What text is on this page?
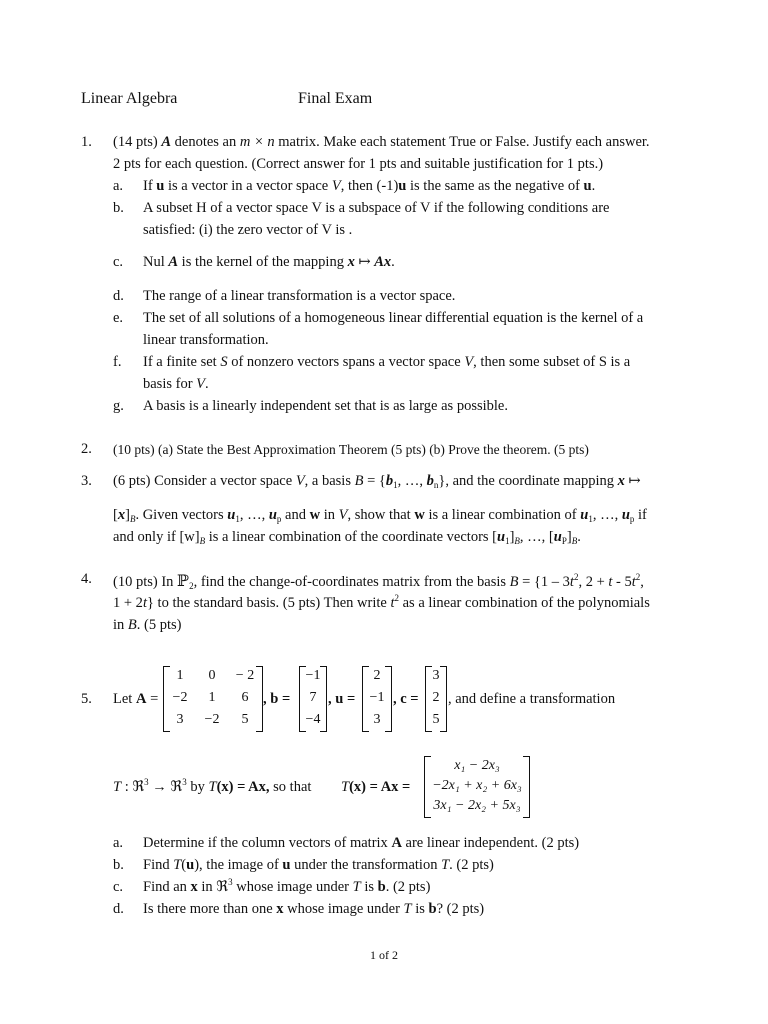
Linear Algebra	Final Exam
1. (14 pts) A denotes an m × n matrix. Make each statement True or False. Justify each answer.
2 pts for each question. (Correct answer for 1 pts and suitable justification for 1 pts.)
a. If u is a vector in a vector space V, then (-1)u is the same as the negative of u.
b. A subset H of a vector space V is a subspace of V if the following conditions are
satisfied: (i) the zero vector of V is .
c. Nul A is the kernel of the mapping x ↦ Ax.
d. The range of a linear transformation is a vector space.
e. The set of all solutions of a homogeneous linear differential equation is the kernel of a
linear transformation.
f. If a finite set S of nonzero vectors spans a vector space V, then some subset of S is a
basis for V.
g. A basis is a linearly independent set that is as large as possible.
2. (10 pts) (a) State the Best Approximation Theorem (5 pts) (b) Prove the theorem. (5 pts)
3. (6 pts) Consider a vector space V, a basis $B = \{b_1$, …, $b_n$}, and the coordinate mapping x ↦
$[x]_B$. Given vectors $u_1$, …, $u_p$ and w in V, show that w is a linear combination of $u_1$, …, $u_p$ if
and only if $[w]_B$ is a linear combination of the coordinate vectors $[u_1]_B$, …, $[u_P]_B$.
4. (10 pts) In ℙ$_2$, find the change-of-coordinates matrix from the basis $B = \{1 - 3t^2$, $2 + t - 5t^2$,
1 + 2t} to the standard basis. (5 pts) Then write $t^2$ as a linear combination of the polynomials
in B. (5 pts)
5. Let A =
1	0	− 2
−2	1	6
3	−2	5
, b =
−1
7
−4
, u =
2
−1
3
, c =
3
2
5
, and define a transformation
T : ℜ$^3$ → ℜ$^3$ by T(x) = Ax, so that T(x) = Ax =
x₁ − 2x₃
−2x₁ + x₂ + 6x₃
3x₁ − 2x₂ + 5x₃
a. Determine if the column vectors of matrix A are linear independent. (2 pts)
b. Find T(u), the image of u under the transformation T. (2 pts)
c. Find an x in ℜ$^3$ whose image under T is b. (2 pts)
d. Is there more than one x whose image under T is b? (2 pts)
1 of 2
